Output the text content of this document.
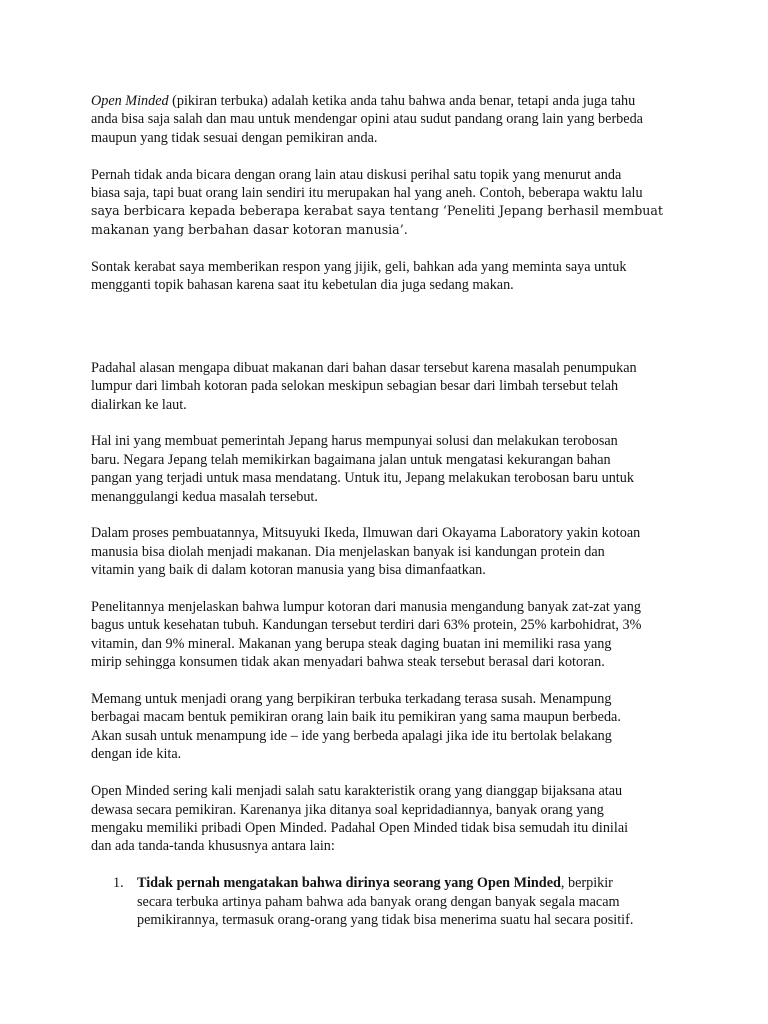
Open Minded (pikiran terbuka) adalah ketika anda tahu bahwa anda benar, tetapi anda juga tahu
anda bisa saja salah dan mau untuk mendengar opini atau sudut pandang orang lain yang berbeda
maupun yang tidak sesuai dengan pemikiran anda.

Pernah tidak anda bicara dengan orang lain atau diskusi perihal satu topik yang menurut anda
biasa saja, tapi buat orang lain sendiri itu merupakan hal yang aneh. Contoh, beberapa waktu lalu
saya berbicara kepada beberapa kerabat saya tentang ‘Peneliti Jepang berhasil membuat
makanan yang berbahan dasar kotoran manusia’.

Sontak kerabat saya memberikan respon yang jijik, geli, bahkan ada yang meminta saya untuk
mengganti topik bahasan karena saat itu kebetulan dia juga sedang makan.

Padahal alasan mengapa dibuat makanan dari bahan dasar tersebut karena masalah penumpukan
lumpur dari limbah kotoran pada selokan meskipun sebagian besar dari limbah tersebut telah
dialirkan ke laut.

Hal ini yang membuat pemerintah Jepang harus mempunyai solusi dan melakukan terobosan
baru. Negara Jepang telah memikirkan bagaimana jalan untuk mengatasi kekurangan bahan
pangan yang terjadi untuk masa mendatang. Untuk itu, Jepang melakukan terobosan baru untuk
menanggulangi kedua masalah tersebut.

Dalam proses pembuatannya, Mitsuyuki Ikeda, Ilmuwan dari Okayama Laboratory yakin kotoan
manusia bisa diolah menjadi makanan. Dia menjelaskan banyak isi kandungan protein dan
vitamin yang baik di dalam kotoran manusia yang bisa dimanfaatkan.

Penelitannya menjelaskan bahwa lumpur kotoran dari manusia mengandung banyak zat-zat yang
bagus untuk kesehatan tubuh. Kandungan tersebut terdiri dari 63% protein, 25% karbohidrat, 3%
vitamin, dan 9% mineral. Makanan yang berupa steak daging buatan ini memiliki rasa yang
mirip sehingga konsumen tidak akan menyadari bahwa steak tersebut berasal dari kotoran.

Memang untuk menjadi orang yang berpikiran terbuka terkadang terasa susah. Menampung
berbagai macam bentuk pemikiran orang lain baik itu pemikiran yang sama maupun berbeda.
Akan susah untuk menampung ide – ide yang berbeda apalagi jika ide itu bertolak belakang
dengan ide kita.

Open Minded sering kali menjadi salah satu karakteristik orang yang dianggap bijaksana atau
dewasa secara pemikiran. Karenanya jika ditanya soal kepridadiannya, banyak orang yang
mengaku memiliki pribadi Open Minded. Padahal Open Minded tidak bisa semudah itu dinilai
dan ada tanda-tanda khususnya antara lain:

1. Tidak pernah mengatakan bahwa dirinya seorang yang Open Minded, berpikir
secara terbuka artinya paham bahwa ada banyak orang dengan banyak segala macam
pemikirannya, termasuk orang-orang yang tidak bisa menerima suatu hal secara positif.
